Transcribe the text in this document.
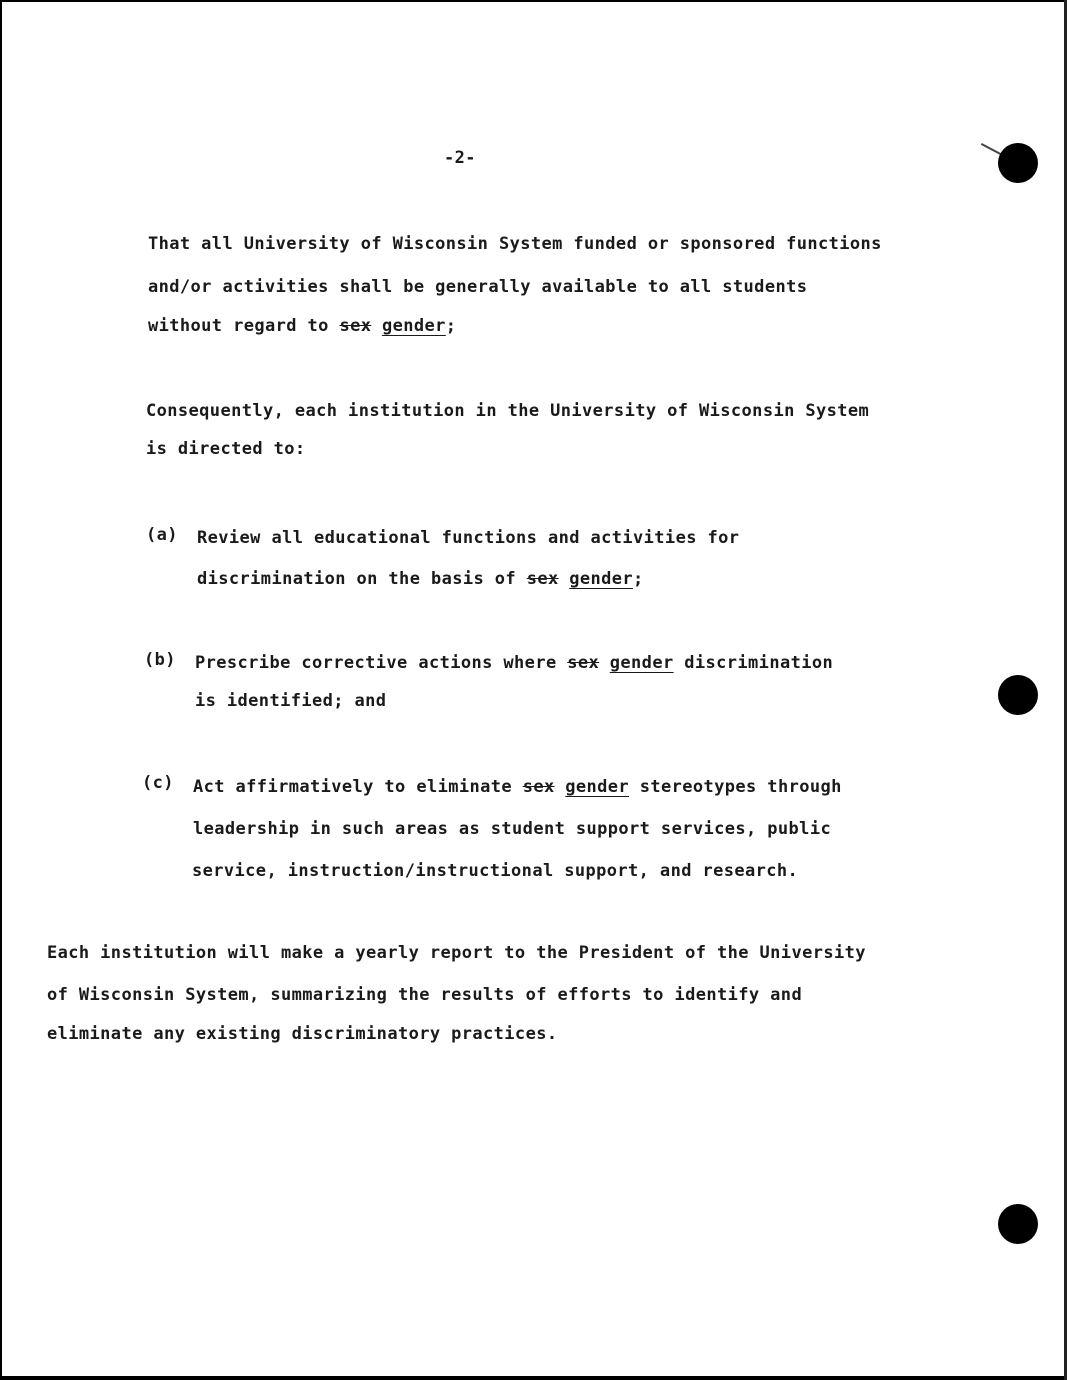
-2-
That all University of Wisconsin System funded or sponsored functions
and/or activities shall be generally available to all students
without regard to sex gender;
Consequently, each institution in the University of Wisconsin System
is directed to:
(a) Review all educational functions and activities for
discrimination on the basis of sex gender;
(b) Prescribe corrective actions where sex gender discrimination
is identified; and
(c) Act affirmatively to eliminate sex gender stereotypes through
leadership in such areas as student support services, public
service, instruction/instructional support, and research.
Each institution will make a yearly report to the President of the University
of Wisconsin System, summarizing the results of efforts to identify and
eliminate any existing discriminatory practices.
